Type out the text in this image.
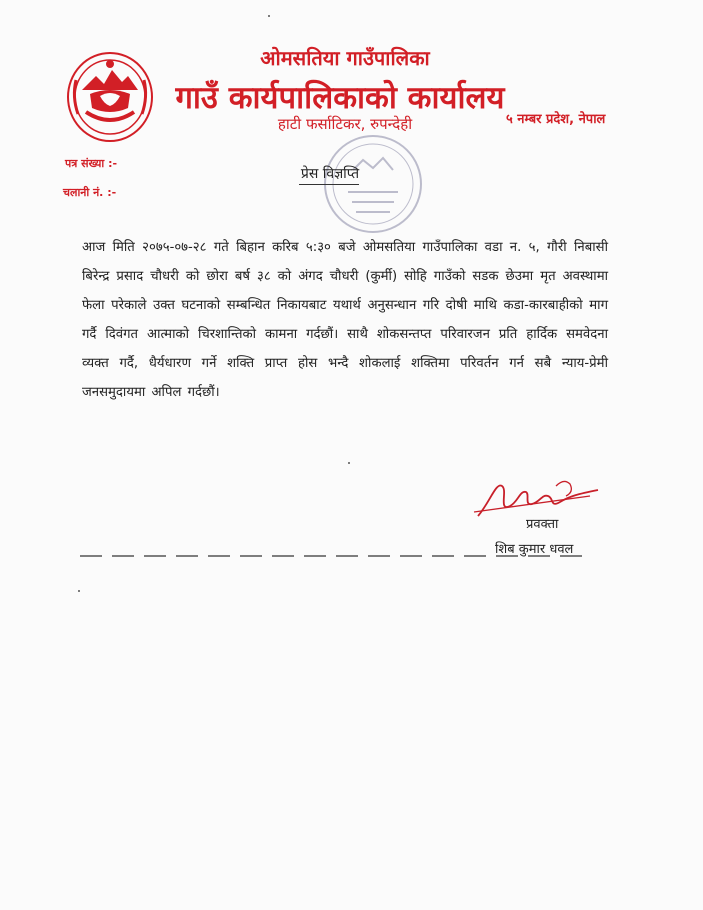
ओमसतिया गाउँपालिका
गाउँ कार्यपालिकाको कार्यालय
हाटी फर्साटिकर, रुपन्देही	५ नम्बर प्रदेश, नेपाल
पत्र संख्या :-
चलानी नं. :-
प्रेस विज्ञप्ति
आज मिति २०७५-०७-२८ गते बिहान करिब ५:३० बजे ओमसतिया गाउँपालिका वडा न. ५, गौरी निबासी बिरेन्द्र प्रसाद चौधरी को छोरा बर्ष ३८ को अंगद चौधरी (कुर्मी) सोहि गाउँको सडक छेउमा मृत अवस्थामा फेला परेकाले उक्त घटनाको सम्बन्धित निकायबाट यथार्थ अनुसन्धान गरि दोषी माथि कडा-कारबाहीको माग गर्दै दिवंगत आत्माको चिरशान्तिको कामना गर्दछौं। साथै शोकसन्तप्त परिवारजन प्रति हार्दिक समवेदना व्यक्त गर्दै, धैर्यधारण गर्ने शक्ति प्राप्त होस भन्दै शोकलाई शक्तिमा परिवर्तन गर्न सबै न्याय-प्रेमी जनसमुदायमा अपिल गर्दछौं।
प्रवक्ता
शिब कुमार धवल
